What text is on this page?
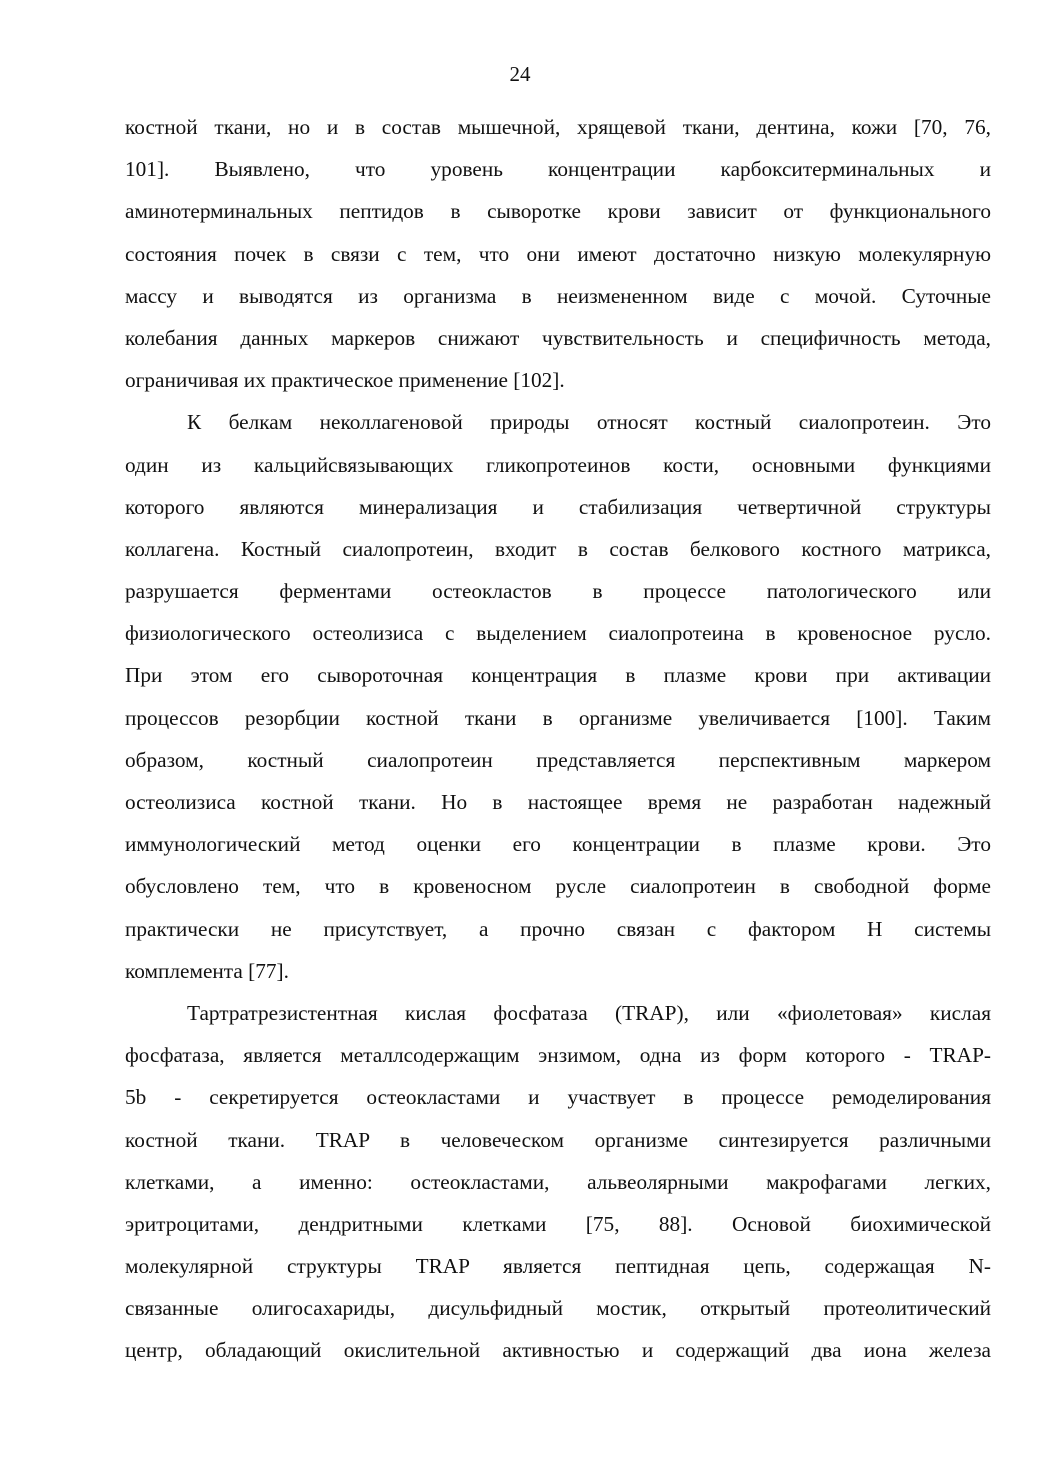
24
костной ткани, но и в состав мышечной, хрящевой ткани, дентина, кожи [70, 76,
101]. Выявлено, что уровень концентрации карбокситерминальных и
аминотерминальных пептидов в сыворотке крови зависит от функционального
состояния почек в связи с тем, что они имеют достаточно низкую молекулярную
массу и выводятся из организма в неизмененном виде с мочой. Суточные
колебания данных маркеров снижают чувствительность и специфичность метода,
ограничивая их практическое применение [102].
К белкам неколлагеновой природы относят костный сиалопротеин. Это
один из кальцийсвязывающих гликопротеинов кости, основными функциями
которого являются минерализация и стабилизация четвертичной структуры
коллагена. Костный сиалопротеин, входит в состав белкового костного матрикса,
разрушается ферментами остеокластов в процессе патологического или
физиологического остеолизиса с выделением сиалопротеина в кровеносное русло.
При этом его сывороточная концентрация в плазме крови при активации
процессов резорбции костной ткани в организме увеличивается [100]. Таким
образом, костный сиалопротеин представляется перспективным маркером
остеолизиса костной ткани. Но в настоящее время не разработан надежный
иммунологический метод оценки его концентрации в плазме крови. Это
обусловлено тем, что в кровеносном русле сиалопротеин в свободной форме
практически не присутствует, а прочно связан с фактором Н системы
комплемента [77].
Тартратрезистентная кислая фосфатаза (TRAP), или «фиолетовая» кислая
фосфатаза, является металлсодержащим энзимом, одна из форм которого - TRAP-
5b - секретируется остеокластами и участвует в процессе ремоделирования
костной ткани. TRAP в человеческом организме синтезируется различными
клетками, а именно: остеокластами, альвеолярными макрофагами легких,
эритроцитами, дендритными клетками [75, 88]. Основой биохимической
молекулярной структуры TRAP является пептидная цепь, содержащая N-
связанные олигосахариды, дисульфидный мостик, открытый протеолитический
центр, обладающий окислительной активностью и содержащий два иона железа
